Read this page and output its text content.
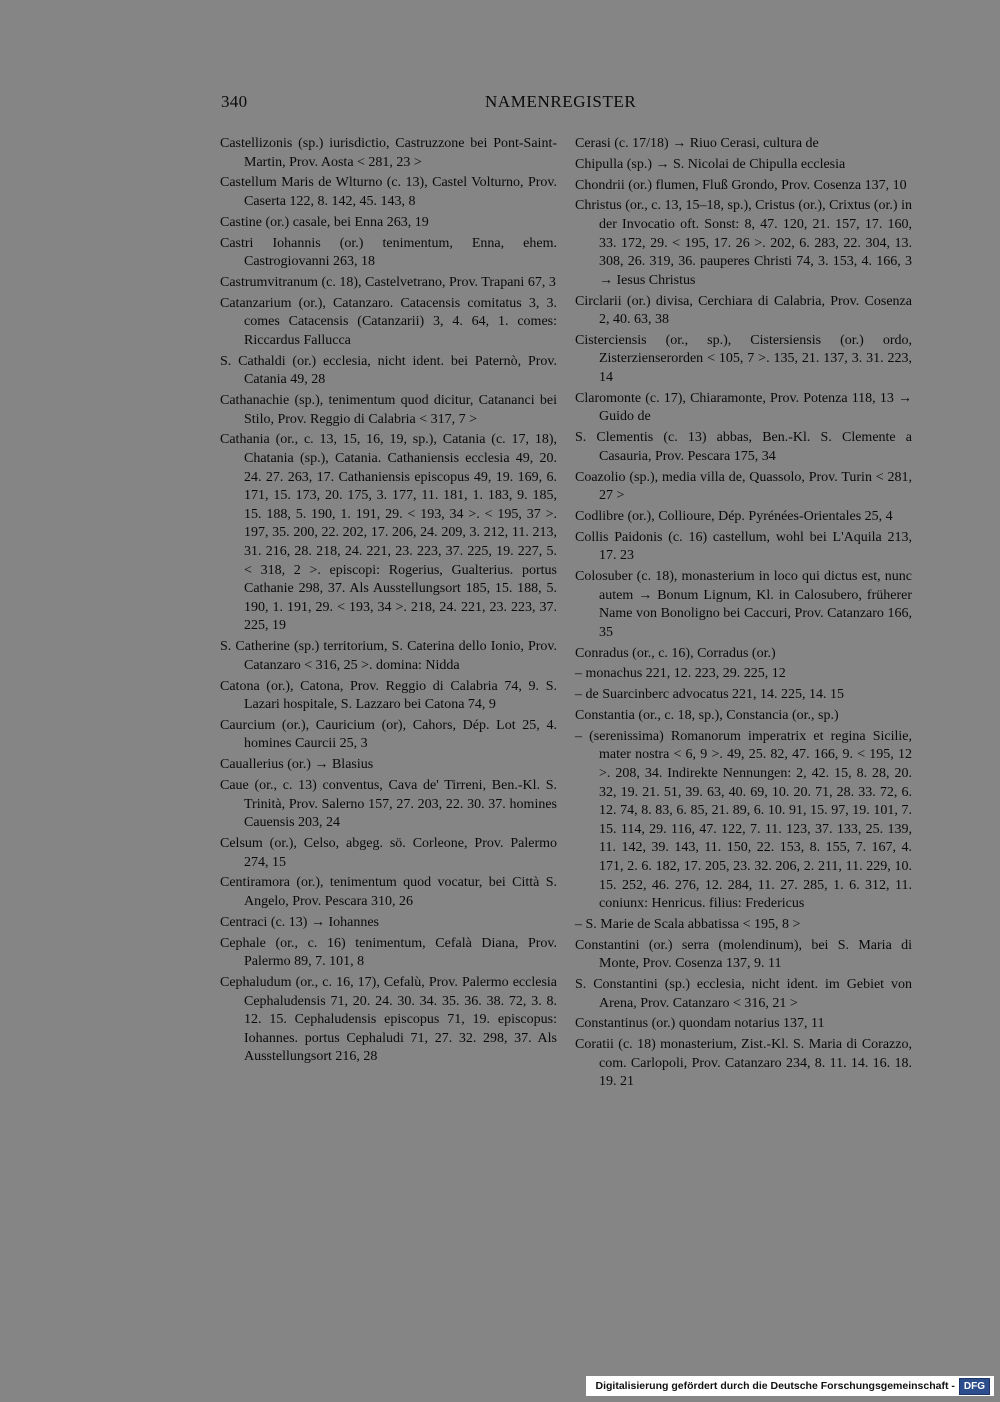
340	NAMENREGISTER

Castellizonis (sp.) iurisdictio, Castruzzone bei Pont-Saint-Martin, Prov. Aosta < 281, 23 >

Castellum Maris de Wlturno (c. 13), Castel Volturno, Prov. Caserta 122, 8. 142, 45. 143, 8

Castine (or.) casale, bei Enna 263, 19

Castri Iohannis (or.) tenimentum, Enna, ehem. Castrogiovanni 263, 18

Castrumvitranum (c. 18), Castelvetrano, Prov. Trapani 67, 3

Catanzarium (or.), Catanzaro. Catacensis comitatus 3, 3. comes Catacensis (Catanzarii) 3, 4. 64, 1. comes: Riccardus Fallucca

S. Cathaldi (or.) ecclesia, nicht ident. bei Paternò, Prov. Catania 49, 28

Cathanachie (sp.), tenimentum quod dicitur, Catananci bei Stilo, Prov. Reggio di Calabria < 317, 7 >

Cathania (or., c. 13, 15, 16, 19, sp.), Catania (c. 17, 18), Chatania (sp.), Catania. Cathaniensis ecclesia 49, 20. 24. 27. 263, 17. Cathaniensis episcopus 49, 19. 169, 6. 171, 15. 173, 20. 175, 3. 177, 11. 181, 1. 183, 9. 185, 15. 188, 5. 190, 1. 191, 29. < 193, 34 >. < 195, 37 >. 197, 35. 200, 22. 202, 17. 206, 24. 209, 3. 212, 11. 213, 31. 216, 28. 218, 24. 221, 23. 223, 37. 225, 19. 227, 5. < 318, 2 >. episcopi: Rogerius, Gualterius. portus Cathanie 298, 37. Als Ausstellungsort 185, 15. 188, 5. 190, 1. 191, 29. < 193, 34 >. 218, 24. 221, 23. 223, 37. 225, 19

S. Catherine (sp.) territorium, S. Caterina dello Ionio, Prov. Catanzaro < 316, 25 >. domina: Nidda

Catona (or.), Catona, Prov. Reggio di Calabria 74, 9. S. Lazari hospitale, S. Lazzaro bei Catona 74, 9

Caurcium (or.), Cauricium (or), Cahors, Dép. Lot 25, 4. homines Caurcii 25, 3

Cauallerius (or.) → Blasius

Caue (or., c. 13) conventus, Cava de' Tirreni, Ben.-Kl. S. Trinità, Prov. Salerno 157, 27. 203, 22. 30. 37. homines Cauensis 203, 24

Celsum (or.), Celso, abgeg. sö. Corleone, Prov. Palermo 274, 15

Centiramora (or.), tenimentum quod vocatur, bei Città S. Angelo, Prov. Pescara 310, 26

Centraci (c. 13) → Iohannes

Cephale (or., c. 16) tenimentum, Cefalà Diana, Prov. Palermo 89, 7. 101, 8

Cephaludum (or., c. 16, 17), Cefalù, Prov. Palermo ecclesia Cephaludensis 71, 20. 24. 30. 34. 35. 36. 38. 72, 3. 8. 12. 15. Cephaludensis episcopus 71, 19. episcopus: Iohannes. portus Cephaludi 71, 27. 32. 298, 37. Als Ausstellungsort 216, 28

Cerasi (c. 17/18) → Riuo Cerasi, cultura de

Chipulla (sp.) → S. Nicolai de Chipulla ecclesia

Chondrii (or.) flumen, Fluß Grondo, Prov. Cosenza 137, 10

Christus (or., c. 13, 15–18, sp.), Cristus (or.), Crixtus (or.) in der Invocatio oft. Sonst: 8, 47. 120, 21. 157, 17. 160, 33. 172, 29. < 195, 17. 26 >. 202, 6. 283, 22. 304, 13. 308, 26. 319, 36. pauperes Christi 74, 3. 153, 4. 166, 3 → Iesus Christus

Circlarii (or.) divisa, Cerchiara di Calabria, Prov. Cosenza 2, 40. 63, 38

Cisterciensis (or., sp.), Cistersiensis (or.) ordo, Zisterzienserorden < 105, 7 >. 135, 21. 137, 3. 31. 223, 14

Claromonte (c. 17), Chiaramonte, Prov. Potenza 118, 13 → Guido de

S. Clementis (c. 13) abbas, Ben.-Kl. S. Clemente a Casauria, Prov. Pescara 175, 34

Coazolio (sp.), media villa de, Quassolo, Prov. Turin < 281, 27 >

Codlibre (or.), Collioure, Dép. Pyrénées-Orientales 25, 4

Collis Paidonis (c. 16) castellum, wohl bei L'Aquila 213, 17. 23

Colosuber (c. 18), monasterium in loco qui dictus est, nunc autem → Bonum Lignum, Kl. in Calosubero, früherer Name von Bonoligno bei Caccuri, Prov. Catanzaro 166, 35

Conradus (or., c. 16), Corradus (or.)

– monachus 221, 12. 223, 29. 225, 12

– de Suarcinberc advocatus 221, 14. 225, 14. 15

Constantia (or., c. 18, sp.), Constancia (or., sp.)

– (serenissima) Romanorum imperatrix et regina Sicilie, mater nostra < 6, 9 >. 49, 25. 82, 47. 166, 9. < 195, 12 >. 208, 34. Indirekte Nennungen: 2, 42. 15, 8. 28, 20. 32, 19. 21. 51, 39. 63, 40. 69, 10. 20. 71, 28. 33. 72, 6. 12. 74, 8. 83, 6. 85, 21. 89, 6. 10. 91, 15. 97, 19. 101, 7. 15. 114, 29. 116, 47. 122, 7. 11. 123, 37. 133, 25. 139, 11. 142, 39. 143, 11. 150, 22. 153, 8. 155, 7. 167, 4. 171, 2. 6. 182, 17. 205, 23. 32. 206, 2. 211, 11. 229, 10. 15. 252, 46. 276, 12. 284, 11. 27. 285, 1. 6. 312, 11. coniunx: Henricus. filius: Fredericus

– S. Marie de Scala abbatissa < 195, 8 >

Constantini (or.) serra (molendinum), bei S. Maria di Monte, Prov. Cosenza 137, 9. 11

S. Constantini (sp.) ecclesia, nicht ident. im Gebiet von Arena, Prov. Catanzaro < 316, 21 >

Constantinus (or.) quondam notarius 137, 11

Coratii (c. 18) monasterium, Zist.-Kl. S. Maria di Corazzo, com. Carlopoli, Prov. Catanzaro 234, 8. 11. 14. 16. 18. 19. 21

Digitalisierung gefördert durch die Deutsche Forschungsgemeinschaft - DFG
